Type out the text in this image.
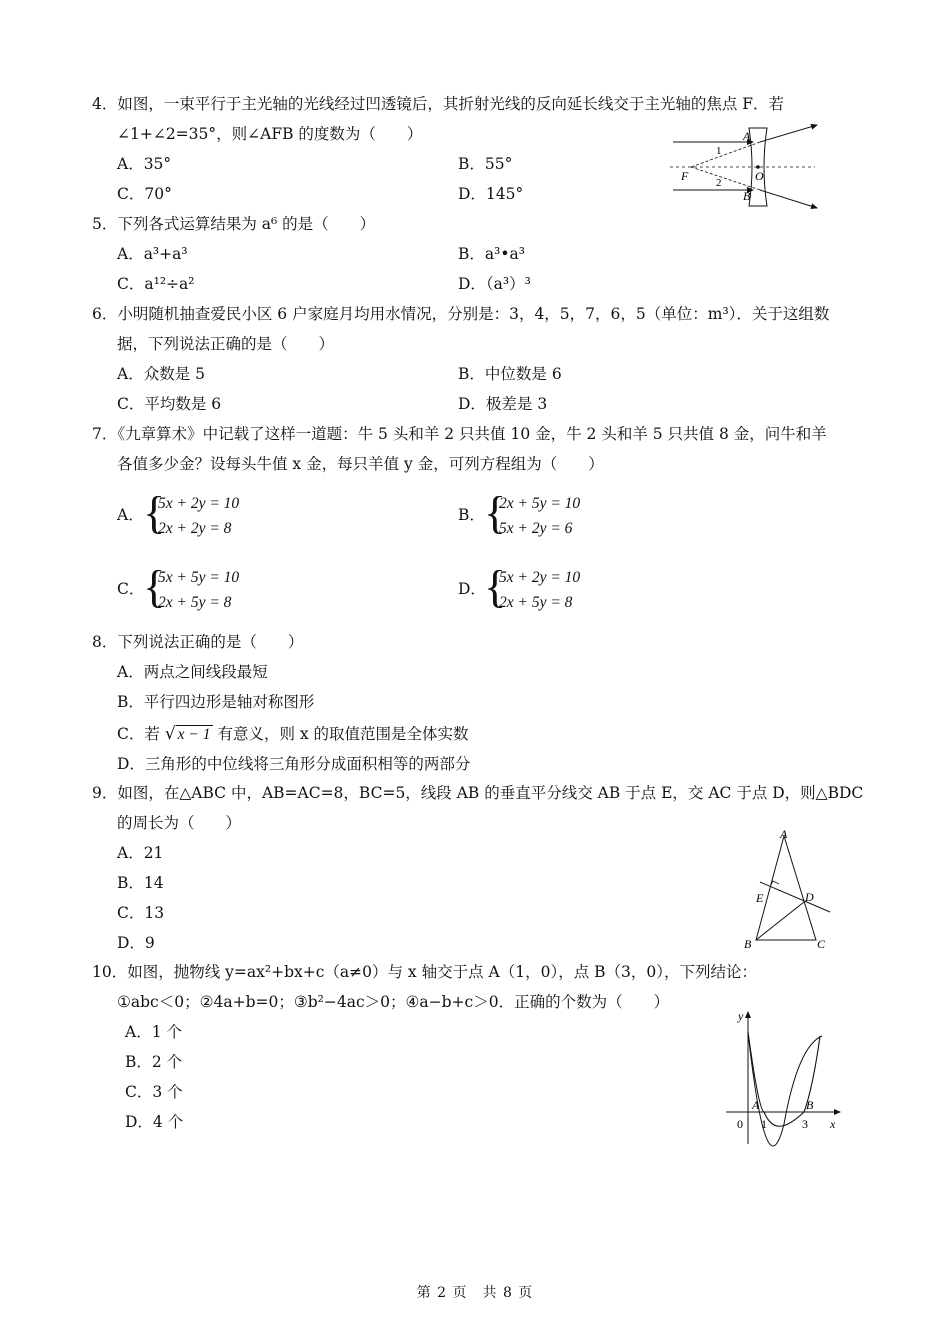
4．如图，一束平行于主光轴的光线经过凹透镜后，其折射光线的反向延长线交于主光轴的焦点 F．若
∠1+∠2=35°，则∠AFB 的度数为（　　）
A．35°	B．55°
C．70°	D．145°
A
1
F	O
2
B
5．下列各式运算结果为 a⁶ 的是（　　）
A．a³+a³	B．a³•a³
C．a¹²÷a²	D．（a³）³
6．小明随机抽查爱民小区 6 户家庭月均用水情况，分别是：3，4，5，7，6，5（单位：m³）．关于这组数
据，下列说法正确的是（　　）
A．众数是 5	B．中位数是 6
C．平均数是 6	D．极差是 3
7．《九章算术》中记载了这样一道题：牛 5 头和羊 2 只共值 10 金，牛 2 头和羊 5 只共值 8 金，问牛和羊
各值多少金？设每头牛值 x 金，每只羊值 y 金，可列方程组为（　　）
A． {
5x + 2y = 10
2x + 2y = 8
B． {
2x + 5y = 10
5x + 2y = 6
C．
{
5x + 5y = 10
2x + 5y = 8
D．
{
5x + 2y = 10
2x + 5y = 8
8．下列说法正确的是（　　）
A．两点之间线段最短
B．平行四边形是轴对称图形
C．若 √ x − 1 有意义，则 x 的取值范围是全体实数
D．三角形的中位线将三角形分成面积相等的两部分
9．如图，在△ABC 中，AB=AC=8，BC=5，线段 AB 的垂直平分线交 AB 于点 E，交 AC 于点 D，则△BDC
的周长为（　　）
A．21
B．14
C．13
D．9
A
E	D
B	C
10．如图，抛物线 y=ax²+bx+c（a≠0）与 x 轴交于点 A（1，0），点 B（3，0），下列结论：
①abc＜0；②4a+b=0；③b²−4ac＞0；④a−b+c＞0．正确的个数为（　　）
A．1 个
B．2 个
C．3 个
D．4 个
y
A	B
0 1	3 x
第 2 页　共 8 页
